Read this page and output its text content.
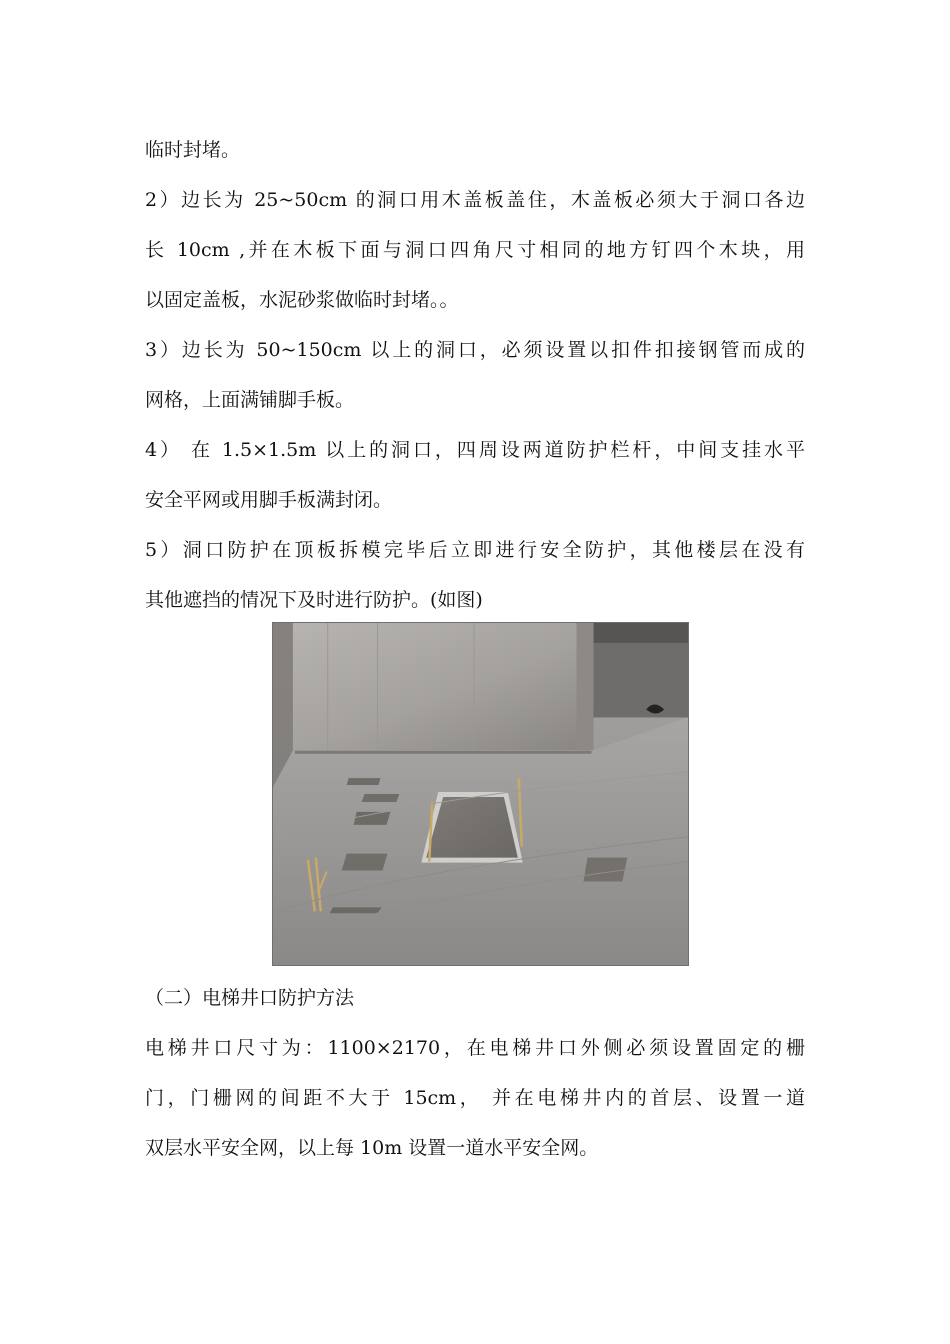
临时封堵。
2）边长为 25~50cm 的洞口用木盖板盖住，木盖板必须大于洞口各边
长 10cm ,并在木板下面与洞口四角尺寸相同的地方钉四个木块，用
以固定盖板，水泥砂浆做临时封堵。。
3）边长为 50~150cm 以上的洞口，必须设置以扣件扣接钢管而成的
网格，上面满铺脚手板。
4） 在 1.5×1.5m 以上的洞口，四周设两道防护栏杆，中间支挂水平
安全平网或用脚手板满封闭。
5）洞口防护在顶板拆模完毕后立即进行安全防护，其他楼层在没有
其他遮挡的情况下及时进行防护。(如图)
（二）电梯井口防护方法
电梯井口尺寸为：1100×2170，在电梯井口外侧必须设置固定的栅
门，门栅网的间距不大于 15cm， 并在电梯井内的首层、设置一道
双层水平安全网，以上每 10m 设置一道水平安全网。
